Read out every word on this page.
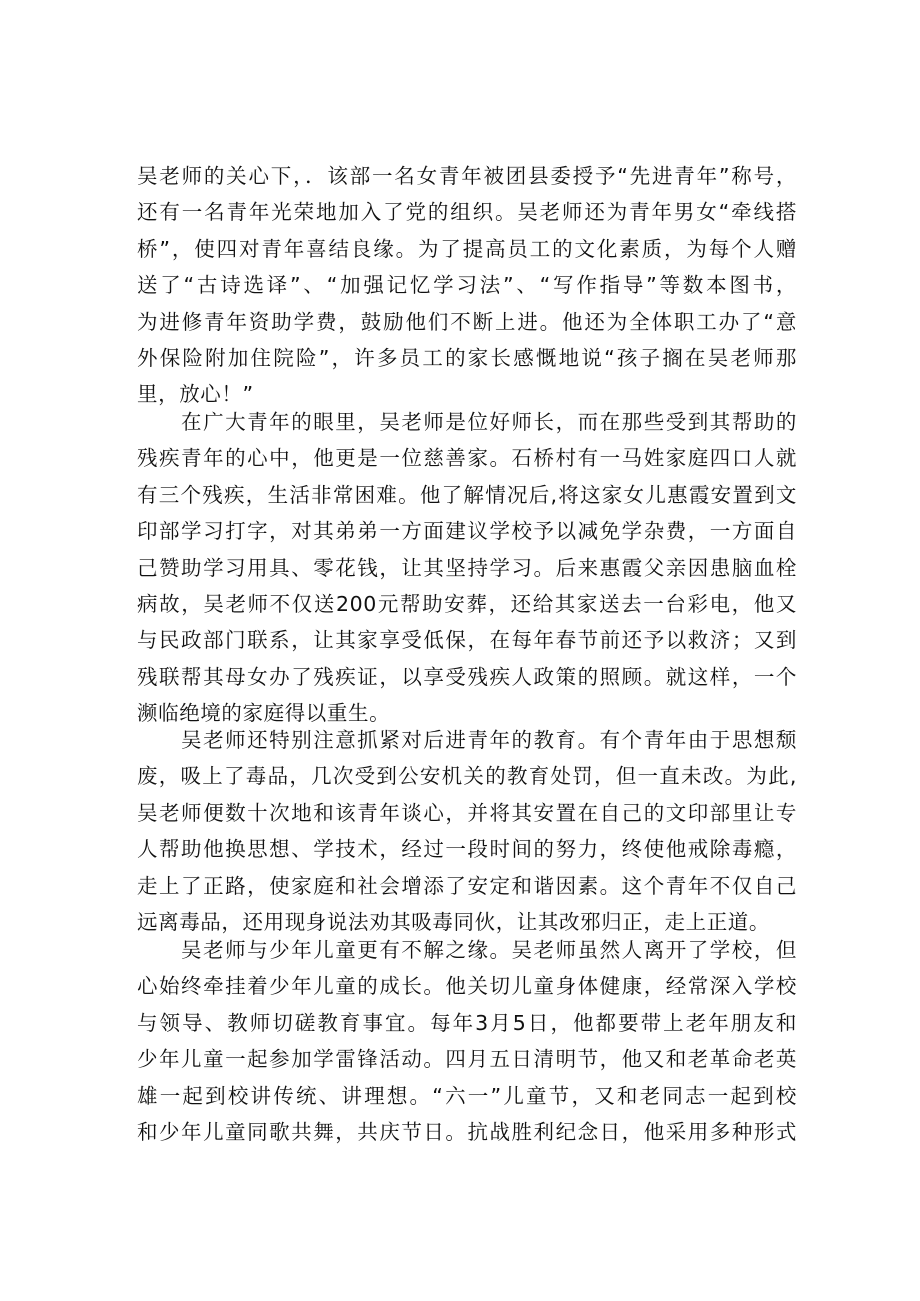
吴老师的关心下，．该部一名女青年被团县委授予“先进青年”称号，
还有一名青年光荣地加入了党的组织。吴老师还为青年男女“牵线搭
桥”，使四对青年喜结良缘。为了提高员工的文化素质，为每个人赠
送了“古诗选译”、“加强记忆学习法”、“写作指导”等数本图书，
为进修青年资助学费，鼓励他们不断上进。他还为全体职工办了“意
外保险附加住院险”，许多员工的家长感慨地说“孩子搁在吴老师那
里，放心！”
　　在广大青年的眼里，吴老师是位好师长，而在那些受到其帮助的
残疾青年的心中，他更是一位慈善家。石桥村有一马姓家庭四口人就
有三个残疾，生活非常困难。他了解情况后,将这家女儿惠霞安置到文
印部学习打字，对其弟弟一方面建议学校予以减免学杂费，一方面自
己赞助学习用具、零花钱，让其坚持学习。后来惠霞父亲因患脑血栓
病故，吴老师不仅送200元帮助安葬，还给其家送去一台彩电，他又
与民政部门联系，让其家享受低保，在每年春节前还予以救济；又到
残联帮其母女办了残疾证，以享受残疾人政策的照顾。就这样，一个
濒临绝境的家庭得以重生。
　　吴老师还特别注意抓紧对后进青年的教育。有个青年由于思想颓
废，吸上了毒品，几次受到公安机关的教育处罚，但一直未改。为此,
吴老师便数十次地和该青年谈心，并将其安置在自己的文印部里让专
人帮助他换思想、学技术，经过一段时间的努力，终使他戒除毒瘾，
走上了正路，使家庭和社会增添了安定和谐因素。这个青年不仅自己
远离毒品，还用现身说法劝其吸毒同伙，让其改邪归正，走上正道。
　　吴老师与少年儿童更有不解之缘。吴老师虽然人离开了学校，但
心始终牵挂着少年儿童的成长。他关切儿童身体健康，经常深入学校
与领导、教师切磋教育事宜。每年3月5日，他都要带上老年朋友和
少年儿童一起参加学雷锋活动。四月五日清明节，他又和老革命老英
雄一起到校讲传统、讲理想。“六一”儿童节，又和老同志一起到校
和少年儿童同歌共舞，共庆节日。抗战胜利纪念日，他采用多种形式
